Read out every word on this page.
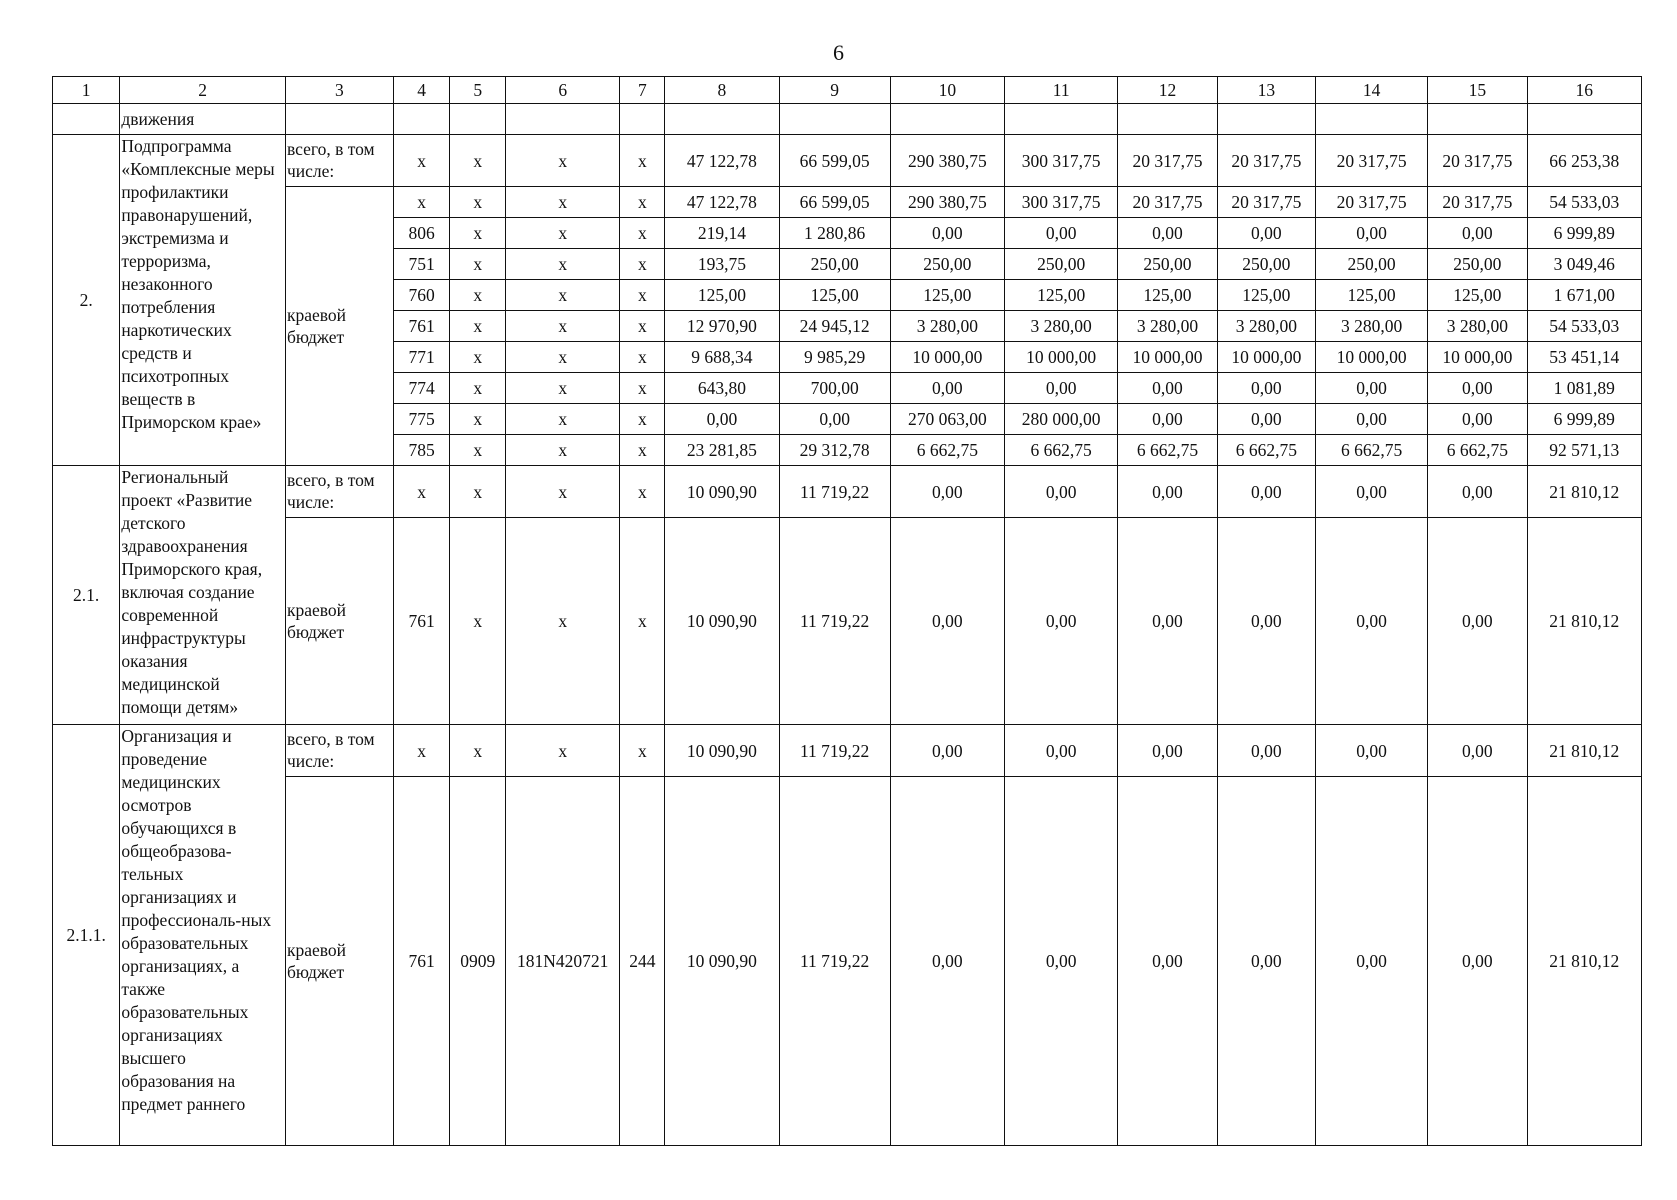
6
1	2	3	4	5	6	7	8	9	10	11	12	13	14	15	16
	движения														
2.	Подпрограмма «Комплексные меры профилактики правонарушений, экстремизма и терроризма, незаконного потребления наркотических средств и психотропных веществ в Приморском крае»	всего, в том числе:	x	x	x	x	47 122,78	66 599,05	290 380,75	300 317,75	20 317,75	20 317,75	20 317,75	20 317,75	66 253,38
		краевой бюджет	x	x	x	x	47 122,78	66 599,05	290 380,75	300 317,75	20 317,75	20 317,75	20 317,75	20 317,75	54 533,03
			806	x	x	x	219,14	1 280,86	0,00	0,00	0,00	0,00	0,00	0,00	6 999,89
			751	x	x	x	193,75	250,00	250,00	250,00	250,00	250,00	250,00	250,00	3 049,46
			760	x	x	x	125,00	125,00	125,00	125,00	125,00	125,00	125,00	125,00	1 671,00
			761	x	x	x	12 970,90	24 945,12	3 280,00	3 280,00	3 280,00	3 280,00	3 280,00	3 280,00	54 533,03
			771	x	x	x	9 688,34	9 985,29	10 000,00	10 000,00	10 000,00	10 000,00	10 000,00	10 000,00	53 451,14
			774	x	x	x	643,80	700,00	0,00	0,00	0,00	0,00	0,00	0,00	1 081,89
			775	x	x	x	0,00	0,00	270 063,00	280 000,00	0,00	0,00	0,00	0,00	6 999,89
			785	x	x	x	23 281,85	29 312,78	6 662,75	6 662,75	6 662,75	6 662,75	6 662,75	6 662,75	92 571,13
2.1.	Региональный проект «Развитие детского здравоохранения Приморского края, включая создание современной инфраструктуры оказания медицинской помощи детям»	всего, в том числе:	x	x	x	x	10 090,90	11 719,22	0,00	0,00	0,00	0,00	0,00	0,00	21 810,12
		краевой бюджет	761	x	x	x	10 090,90	11 719,22	0,00	0,00	0,00	0,00	0,00	0,00	21 810,12
2.1.1.	Организация и проведение медицинских осмотров обучающихся в общеобразова-тельных организациях и профессиональ-ных образовательных организациях, а также образовательных организациях высшего образования на предмет раннего	всего, в том числе:	x	x	x	x	10 090,90	11 719,22	0,00	0,00	0,00	0,00	0,00	0,00	21 810,12
		краевой бюджет	761	0909	181N420721	244	10 090,90	11 719,22	0,00	0,00	0,00	0,00	0,00	0,00	21 810,12
